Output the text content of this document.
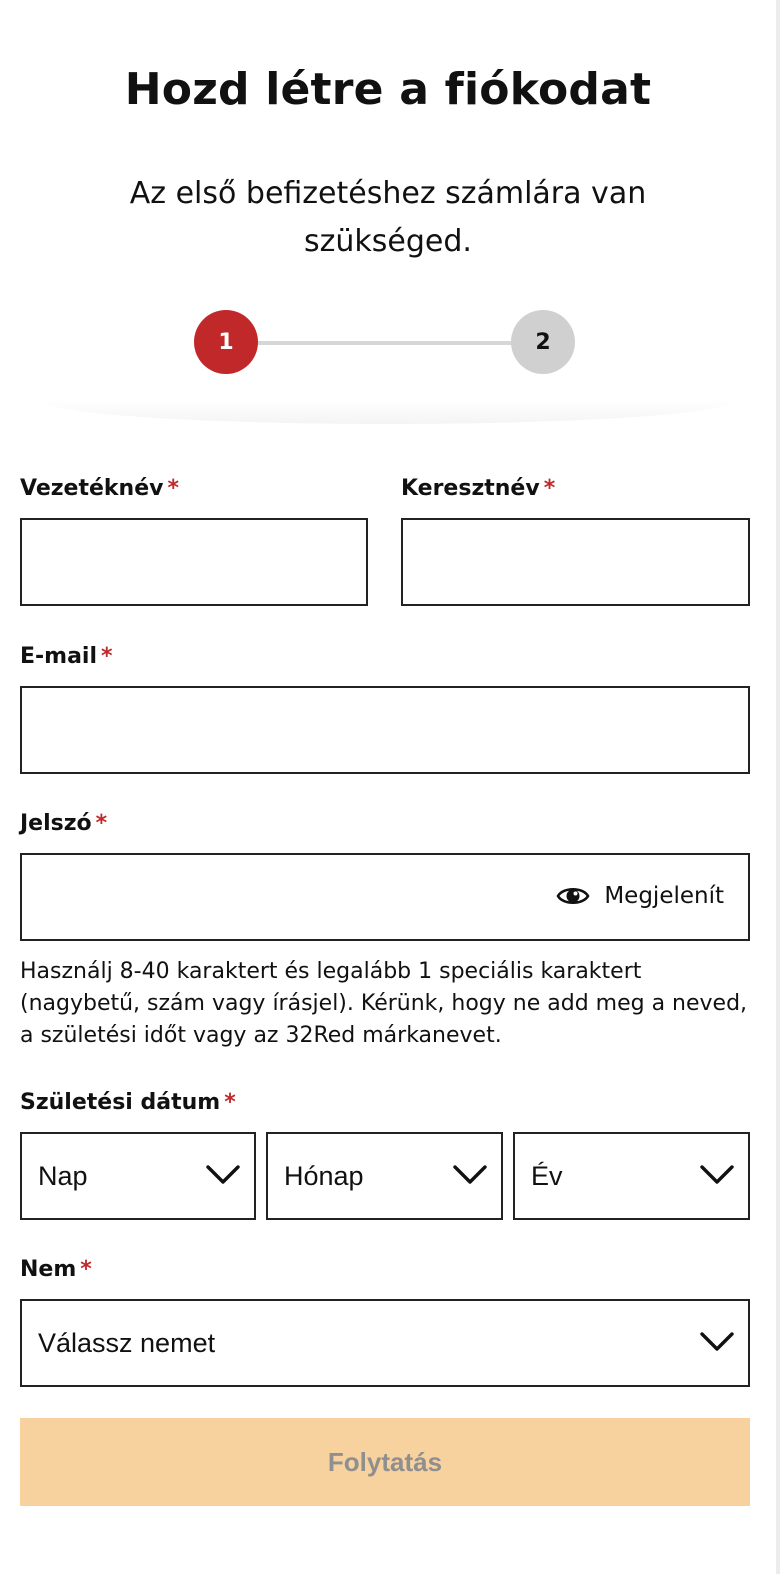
Hozd létre a fiókodat

Az első befizetéshez számlára van szükséged.

1	2
Vezetéknév *	Keresztnév *
E-mail *
Jelszó *
Megjelenít

Használj 8-40 karaktert és legalább 1 speciális karaktert (nagybetű, szám vagy írásjel). Kérünk, hogy ne add meg a neved, a születési időt vagy az 32Red márkanevet.

Születési dátum *
Nap	Hónap	Év
Nem *
Válassz nemet
Folytatás
